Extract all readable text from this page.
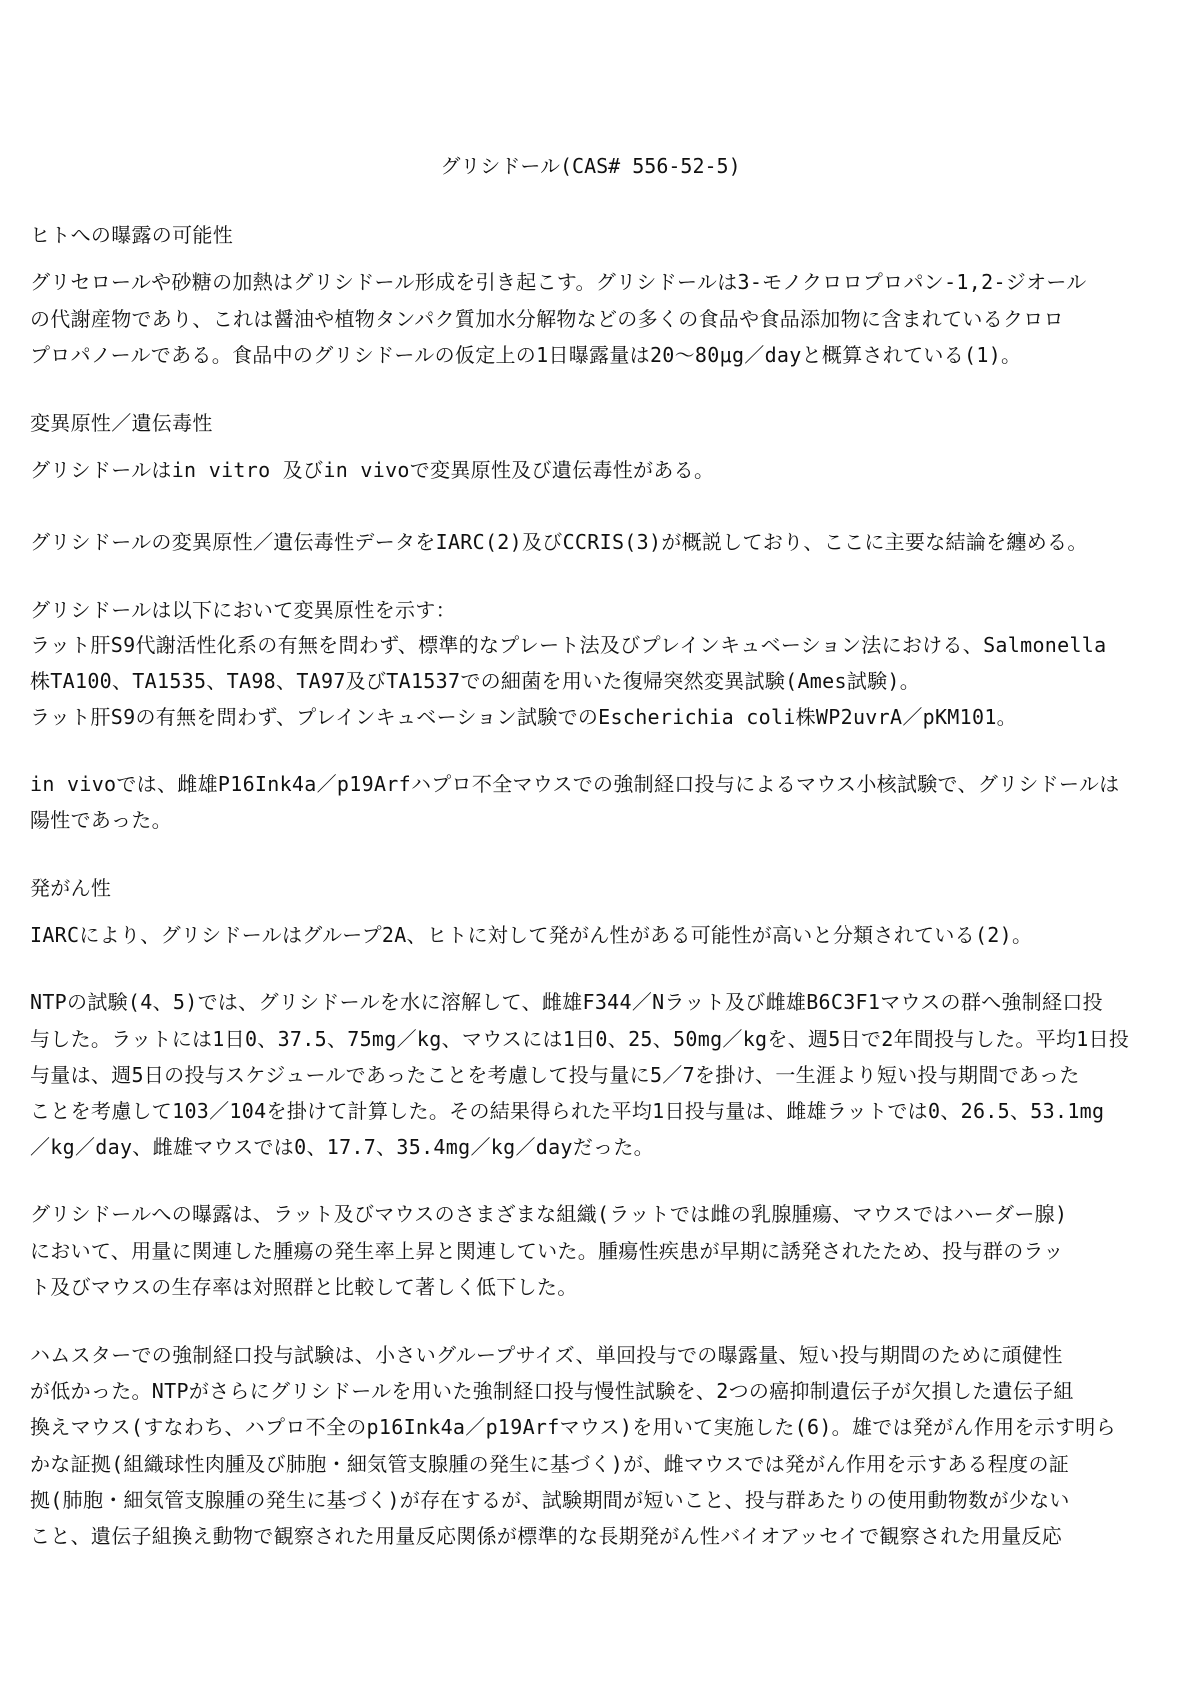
グリシドール(CAS# 556-52-5)
ヒトへの曝露の可能性
グリセロールや砂糖の加熱はグリシドール形成を引き起こす。グリシドールは3-モノクロロプロパン-1,2-ジオール
の代謝産物であり、これは醤油や植物タンパク質加水分解物などの多くの食品や食品添加物に含まれているクロロ
プロパノールである。食品中のグリシドールの仮定上の1日曝露量は20～80μg／dayと概算されている(1)。
変異原性／遺伝毒性
グリシドールはin vitro 及びin vivoで変異原性及び遺伝毒性がある。
グリシドールの変異原性／遺伝毒性データをIARC(2)及びCCRIS(3)が概説しており、ここに主要な結論を纏める。
グリシドールは以下において変異原性を示す：
ラット肝S9代謝活性化系の有無を問わず、標準的なプレート法及びプレインキュベーション法における、Salmonella
株TA100、TA1535、TA98、TA97及びTA1537での細菌を用いた復帰突然変異試験(Ames試験)。
ラット肝S9の有無を問わず、プレインキュベーション試験でのEscherichia coli株WP2uvrA／pKM101。
in vivoでは、雌雄P16Ink4a／p19Arfハプロ不全マウスでの強制経口投与によるマウス小核試験で、グリシドールは
陽性であった。
発がん性
IARCにより、グリシドールはグループ2A、ヒトに対して発がん性がある可能性が高いと分類されている(2)。
NTPの試験(4、5)では、グリシドールを水に溶解して、雌雄F344／Nラット及び雌雄B6C3F1マウスの群へ強制経口投
与した。ラットには1日0、37.5、75mg／kg、マウスには1日0、25、50mg／kgを、週5日で2年間投与した。平均1日投
与量は、週5日の投与スケジュールであったことを考慮して投与量に5／7を掛け、一生涯より短い投与期間であった
ことを考慮して103／104を掛けて計算した。その結果得られた平均1日投与量は、雌雄ラットでは0、26.5、53.1mg
／kg／day、雌雄マウスでは0、17.7、35.4mg／kg／dayだった。
グリシドールへの曝露は、ラット及びマウスのさまざまな組織(ラットでは雌の乳腺腫瘍、マウスではハーダー腺)
において、用量に関連した腫瘍の発生率上昇と関連していた。腫瘍性疾患が早期に誘発されたため、投与群のラッ
ト及びマウスの生存率は対照群と比較して著しく低下した。
ハムスターでの強制経口投与試験は、小さいグループサイズ、単回投与での曝露量、短い投与期間のために頑健性
が低かった。NTPがさらにグリシドールを用いた強制経口投与慢性試験を、2つの癌抑制遺伝子が欠損した遺伝子組
換えマウス(すなわち、ハプロ不全のp16Ink4a／p19Arfマウス)を用いて実施した(6)。雄では発がん作用を示す明ら
かな証拠(組織球性肉腫及び肺胞・細気管支腺腫の発生に基づく)が、雌マウスでは発がん作用を示すある程度の証
拠(肺胞・細気管支腺腫の発生に基づく)が存在するが、試験期間が短いこと、投与群あたりの使用動物数が少ない
こと、遺伝子組換え動物で観察された用量反応関係が標準的な長期発がん性バイオアッセイで観察された用量反応
